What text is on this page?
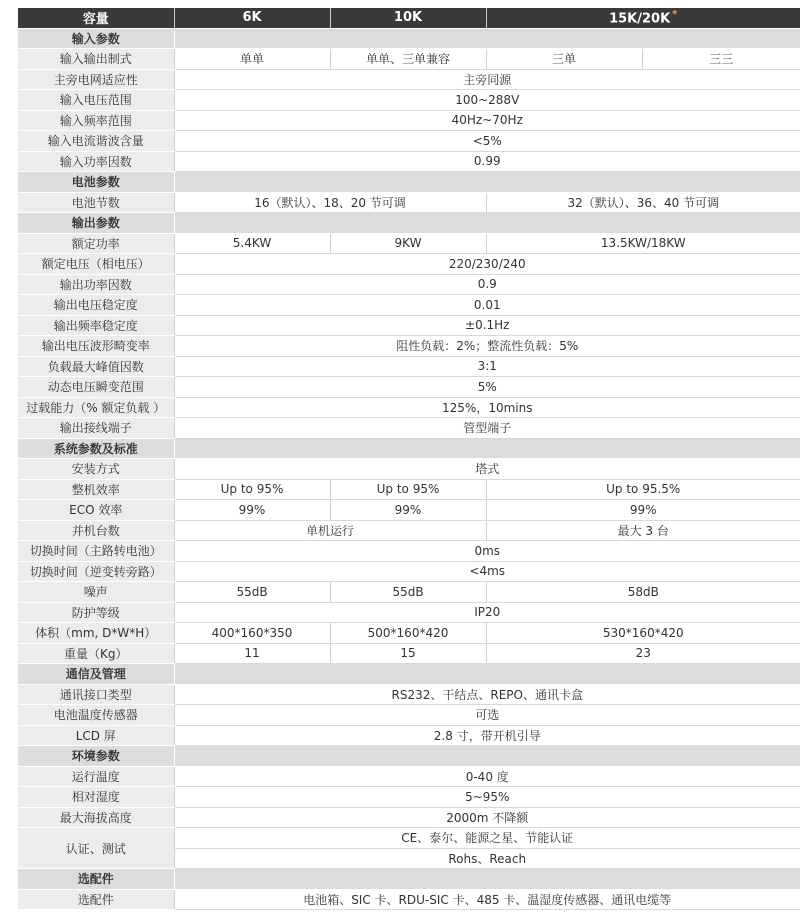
容量	6K	10K	15K/20K *
输入参数				
输入输出制式	单单	单单、三单兼容	三单	三三
主旁电网适应性	主旁同源			
输入电压范围	100~288V			
输入频率范围	40Hz~70Hz			
输入电流谐波含量	<5%			
输入功率因数	0.99			
电池参数				
电池节数	16（默认）、18、20 节可调		32（默认）、36、40 节可调	
输出参数				
额定功率	5.4KW	9KW	13.5KW/18KW	
额定电压（相电压）	220/230/240			
输出功率因数	0.9			
输出电压稳定度	0.01			
输出频率稳定度	±0.1Hz			
输出电压波形畸变率	阻性负载：2%；整流性负载：5%			
负载最大峰值因数	3:1			
动态电压瞬变范围	5%			
过载能力（% 额定负载 ）	125%，10mins			
输出接线端子	管型端子			
系统参数及标准				
安装方式	塔式			
整机效率	Up to 95%	Up to 95%	Up to 95.5%	
ECO 效率	99%	99%	99%	
并机台数	单机运行		最大 3 台	
切换时间（主路转电池）	0ms			
切换时间（逆变转旁路）	<4ms			
噪声	55dB	55dB	58dB	
防护等级	IP20			
体积（mm, D*W*H）	400*160*350	500*160*420	530*160*420	
重量（Kg）	11	15	23	
通信及管理				
通讯接口类型	RS232、干结点、REPO、通讯卡盒			
电池温度传感器	可选			
LCD 屏	2.8 寸，带开机引导			
环境参数				
运行温度	0-40 度			
相对湿度	5~95%			
最大海拔高度	2000m 不降额			
认证、测试	CE、泰尔、能源之星、节能认证			
	Rohs、Reach			
选配件				
选配件	电池箱、SIC 卡、RDU-SIC 卡、485 卡、温湿度传感器、通讯电缆等			
